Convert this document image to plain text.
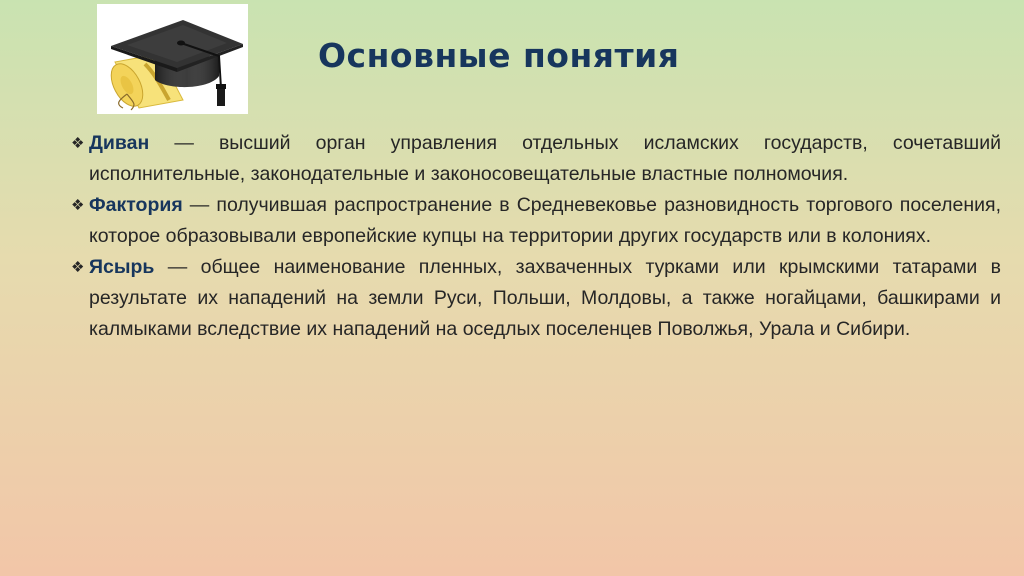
Основные понятия
❖ Диван — высший орган управления отдельных исламских государств, сочетавший исполнительные, законодательные и законосовещательные властные полномочия.
❖ Фактория — получившая распространение в Средневековье разновидность торгового поселения, которое образовывали европейские купцы на территории других государств или в колониях.
❖ Ясырь — общее наименование пленных, захваченных турками или крымскими татарами в результате их нападений на земли Руси, Польши, Молдовы, а также ногайцами, башкирами и калмыками вследствие их нападений на оседлых поселенцев Поволжья, Урала и Сибири.
